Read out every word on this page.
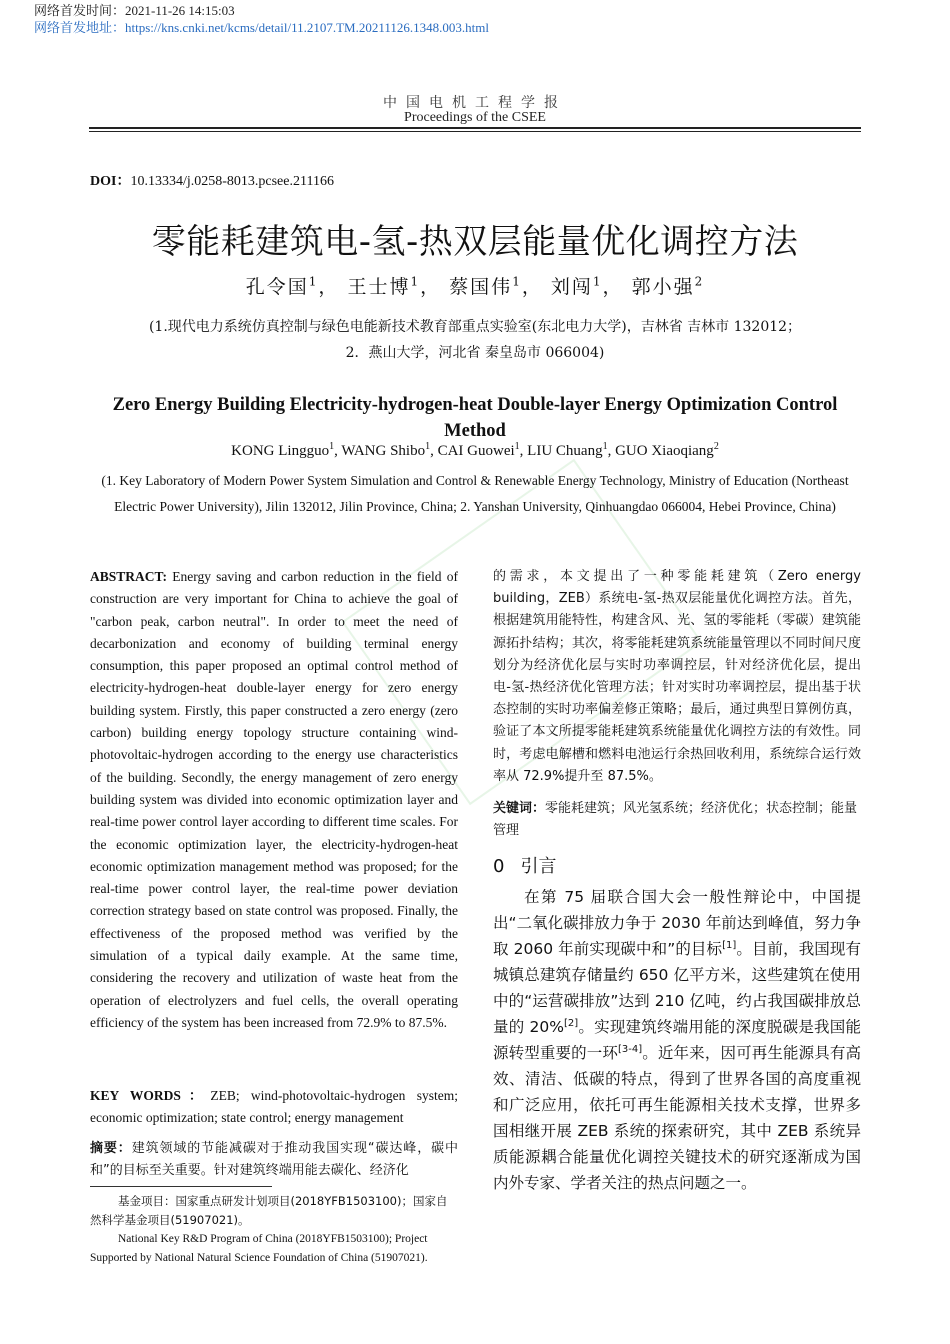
网络首发时间：2021-11-26 14:15:03
网络首发地址：https://kns.cnki.net/kcms/detail/11.2107.TM.20211126.1348.003.html
中国电机工程学报
Proceedings of the CSEE
DOI：10.13334/j.0258-8013.pcsee.211166
零能耗建筑电-氢-热双层能量优化调控方法
孔令国$^1$， 王士博$^1$， 蔡国伟$^1$， 刘闯$^1$， 郭小强$^2$
(1.现代电力系统仿真控制与绿色电能新技术教育部重点实验室(东北电力大学)，吉林省 吉林市 132012；
2．燕山大学，河北省 秦皇岛市 066004)
Zero Energy Building Electricity-hydrogen-heat Double-layer Energy Optimization Control Method
KONG Lingguo$^1$, WANG Shibo$^1$, CAI Guowei$^1$, LIU Chuang$^1$, GUO Xiaoqiang$^2$
(1. Key Laboratory of Modern Power System Simulation and Control & Renewable Energy Technology, Ministry of Education (Northeast Electric Power University), Jilin 132012, Jilin Province, China; 2. Yanshan University, Qinhuangdao 066004, Hebei Province, China)
ABSTRACT: Energy saving and carbon reduction in the field of construction are very important for China to achieve the goal of "carbon peak, carbon neutral". In order to meet the need of decarbonization and economy of building terminal energy consumption, this paper proposed an optimal control method of electricity-hydrogen-heat double-layer energy for zero energy building system. Firstly, this paper constructed a zero energy (zero carbon) building energy topology structure containing wind-photovoltaic-hydrogen according to the energy use characteristics of the building. Secondly, the energy management of zero energy building system was divided into economic optimization layer and real-time power control layer according to different time scales. For the economic optimization layer, the electricity-hydrogen-heat economic optimization management method was proposed; for the real-time power control layer, the real-time power deviation correction strategy based on state control was proposed. Finally, the effectiveness of the proposed method was verified by the simulation of a typical daily example. At the same time, considering the recovery and utilization of waste heat from the operation of electrolyzers and fuel cells, the overall operating efficiency of the system has been increased from 72.9% to 87.5%.
KEY WORDS：ZEB; wind-photovoltaic-hydrogen system; economic optimization; state control; energy management
摘要：建筑领域的节能减碳对于推动我国实现“碳达峰，碳中和”的目标至关重要。针对建筑终端用能去碳化、经济化
基金项目：国家重点研发计划项目(2018YFB1503100)；国家自然科学基金项目(51907021)。
National Key R&D Program of China (2018YFB1503100); Project Supported by National Natural Science Foundation of China (51907021).
的需求，本文提出了一种零能耗建筑（Zero energy building，ZEB）系统电-氢-热双层能量优化调控方法。首先，根据建筑用能特性，构建含风、光、氢的零能耗（零碳）建筑能源拓扑结构；其次，将零能耗建筑系统能量管理以不同时间尺度划分为经济优化层与实时功率调控层，针对经济优化层，提出电-氢-热经济优化管理方法；针对实时功率调控层，提出基于状态控制的实时功率偏差修正策略；最后，通过典型日算例仿真，验证了本文所提零能耗建筑系统能量优化调控方法的有效性。同时，考虑电解槽和燃料电池运行余热回收利用，系统综合运行效率从 72.9%提升至 87.5%。
关键词：零能耗建筑；风光氢系统；经济优化；状态控制；能量管理
0 引言
在第 75 届联合国大会一般性辩论中，中国提出“二氧化碳排放力争于 2030 年前达到峰值，努力争取 2060 年前实现碳中和”的目标[1]。目前，我国现有城镇总建筑存储量约 650 亿平方米，这些建筑在使用中的“运营碳排放”达到 210 亿吨，约占我国碳排放总量的 20%[2]。实现建筑终端用能的深度脱碳是我国能源转型重要的一环[3-4]。近年来，因可再生能源具有高效、清洁、低碳的特点，得到了世界各国的高度重视和广泛应用，依托可再生能源相关技术支撑，世界多国相继开展 ZEB 系统的探索研究，其中 ZEB 系统异质能源耦合能量优化调控关键技术的研究逐渐成为国内外专家、学者关注的热点问题之一。
